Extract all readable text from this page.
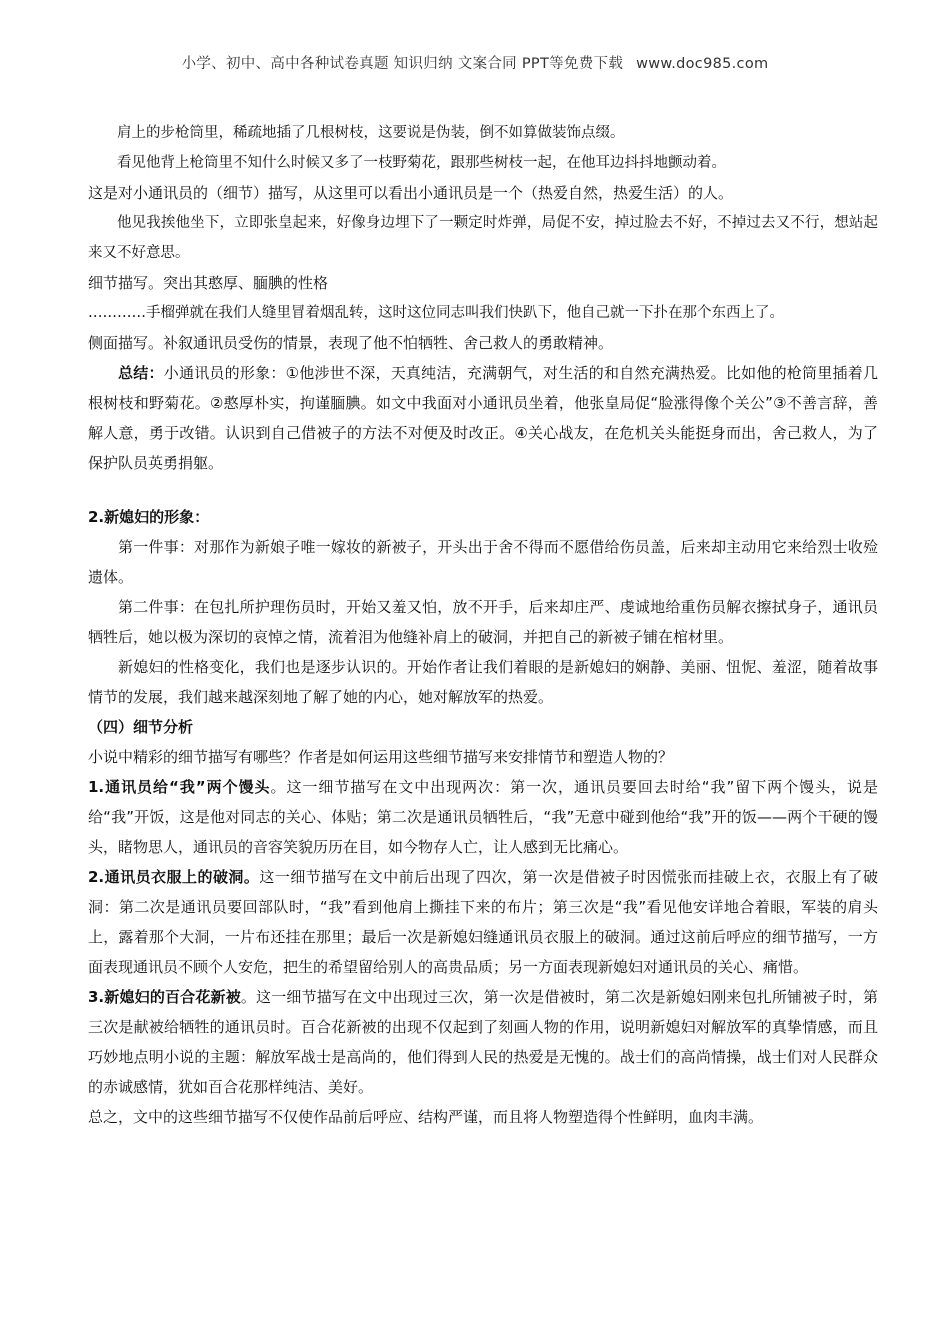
小学、初中、高中各种试卷真题 知识归纳 文案合同 PPT等免费下载 www.doc985.com

肩上的步枪筒里，稀疏地插了几根树枝，这要说是伪装，倒不如算做装饰点缀。

看见他背上枪筒里不知什么时候又多了一枝野菊花，跟那些树枝一起，在他耳边抖抖地颤动着。

这是对小通讯员的（细节）描写，从这里可以看出小通讯员是一个（热爱自然，热爱生活）的人。

他见我挨他坐下，立即张皇起来，好像身边埋下了一颗定时炸弹，局促不安，掉过脸去不好，不掉过去又不行，想站起来又不好意思。

细节描写。突出其憨厚、腼腆的性格

…………手榴弹就在我们人缝里冒着烟乱转，这时这位同志叫我们快趴下，他自己就一下扑在那个东西上了。

侧面描写。补叙通讯员受伤的情景，表现了他不怕牺牲、舍己救人的勇敢精神。

总结：小通讯员的形象：①他涉世不深，天真纯洁，充满朝气，对生活的和自然充满热爱。比如他的枪筒里插着几根树枝和野菊花。②憨厚朴实，拘谨腼腆。如文中我面对小通讯员坐着，他张皇局促“脸涨得像个关公”③不善言辞，善解人意，勇于改错。认识到自己借被子的方法不对便及时改正。④关心战友，在危机关头能挺身而出，舍己救人，为了保护队员英勇捐躯。

2.新媳妇的形象：

第一件事：对那作为新娘子唯一嫁妆的新被子，开头出于舍不得而不愿借给伤员盖，后来却主动用它来给烈士收殓遗体。

第二件事：在包扎所护理伤员时，开始又羞又怕，放不开手，后来却庄严、虔诚地给重伤员解衣擦拭身子，通讯员牺牲后，她以极为深切的哀悼之情，流着泪为他缝补肩上的破洞，并把自己的新被子铺在棺材里。

新媳妇的性格变化，我们也是逐步认识的。开始作者让我们着眼的是新媳妇的娴静、美丽、忸怩、羞涩，随着故事情节的发展，我们越来越深刻地了解了她的内心，她对解放军的热爱。

（四）细节分析

小说中精彩的细节描写有哪些？作者是如何运用这些细节描写来安排情节和塑造人物的？

1.通讯员给“我”两个馒头。这一细节描写在文中出现两次：第一次，通讯员要回去时给“我”留下两个馒头，说是给“我”开饭，这是他对同志的关心、体贴；第二次是通讯员牺牲后，“我”无意中碰到他给“我”开的饭——两个干硬的馒头，睹物思人，通讯员的音容笑貌历历在目，如今物存人亡，让人感到无比痛心。

2.通讯员衣服上的破洞。这一细节描写在文中前后出现了四次，第一次是借被子时因慌张而挂破上衣，衣服上有了破洞：第二次是通讯员要回部队时，“我”看到他肩上撕挂下来的布片；第三次是“我”看见他安详地合着眼，军装的肩头上，露着那个大洞，一片布还挂在那里；最后一次是新媳妇缝通讯员衣服上的破洞。通过这前后呼应的细节描写，一方面表现通讯员不顾个人安危，把生的希望留给别人的高贵品质；另一方面表现新媳妇对通讯员的关心、痛惜。

3.新媳妇的百合花新被。这一细节描写在文中出现过三次，第一次是借被时，第二次是新媳妇刚来包扎所铺被子时，第三次是献被给牺牲的通讯员时。百合花新被的出现不仅起到了刻画人物的作用，说明新媳妇对解放军的真挚情感，而且巧妙地点明小说的主题：解放军战士是高尚的，他们得到人民的热爱是无愧的。战士们的高尚情操，战士们对人民群众的赤诚感情，犹如百合花那样纯洁、美好。

总之，文中的这些细节描写不仅使作品前后呼应、结构严谨，而且将人物塑造得个性鲜明，血肉丰满。
